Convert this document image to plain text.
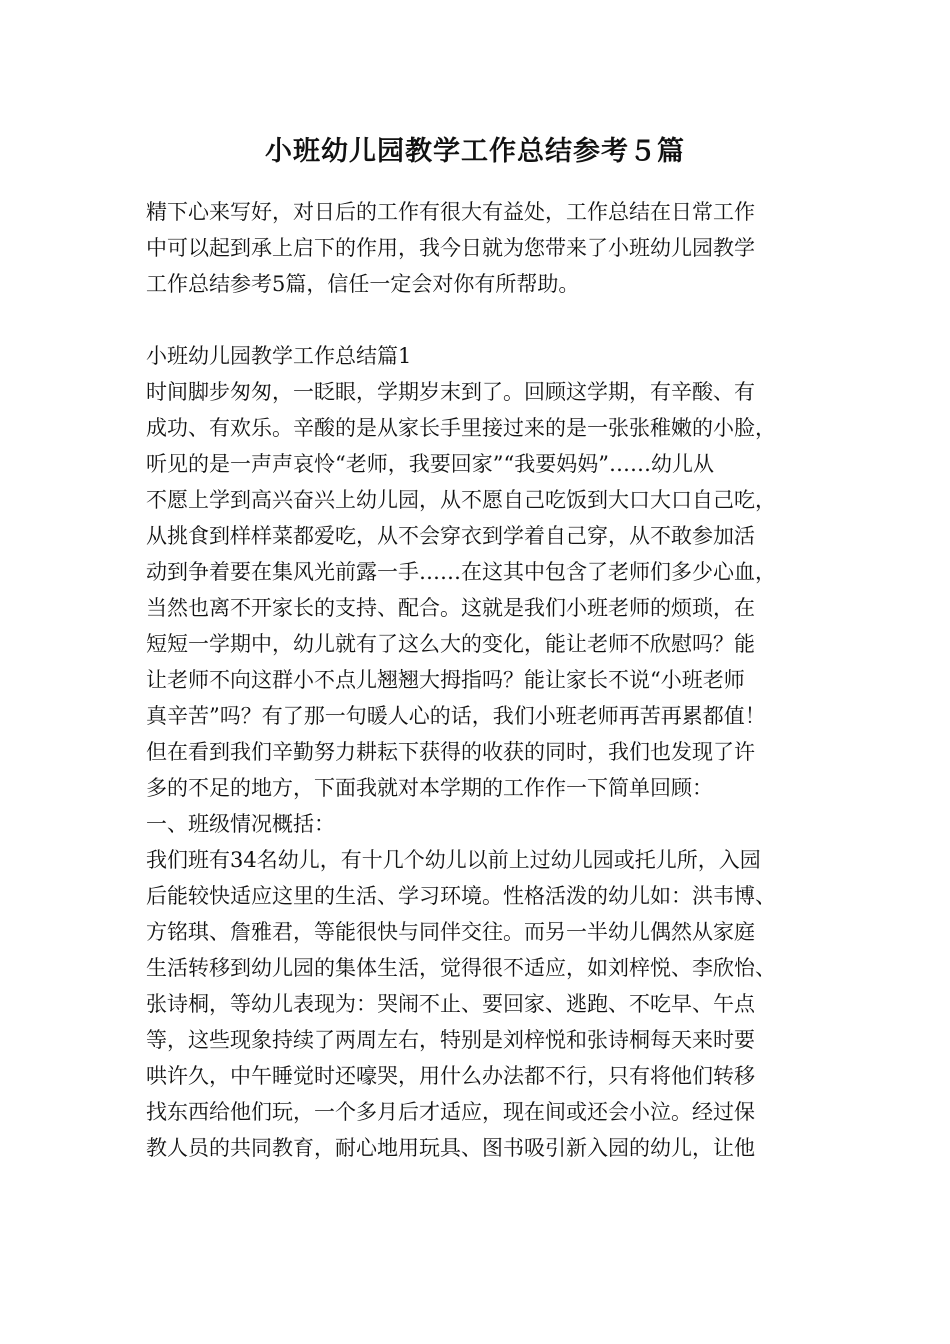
小班幼儿园教学工作总结参考５篇
精下心来写好，对日后的工作有很大有益处，工作总结在日常工作
中可以起到承上启下的作用，我今日就为您带来了小班幼儿园教学
工作总结参考5篇，信任一定会对你有所帮助。
小班幼儿园教学工作总结篇1
时间脚步匆匆，一眨眼，学期岁末到了。回顾这学期，有辛酸、有
成功、有欢乐。辛酸的是从家长手里接过来的是一张张稚嫩的小脸，
听见的是一声声哀怜“老师，我要回家”“我要妈妈”……幼儿从
不愿上学到高兴奋兴上幼儿园，从不愿自己吃饭到大口大口自己吃，
从挑食到样样菜都爱吃，从不会穿衣到学着自己穿，从不敢参加活
动到争着要在集风光前露一手……在这其中包含了老师们多少心血，
当然也离不开家长的支持、配合。这就是我们小班老师的烦琐，在
短短一学期中，幼儿就有了这么大的变化，能让老师不欣慰吗？能
让老师不向这群小不点儿翘翘大拇指吗？能让家长不说“小班老师
真辛苦”吗？有了那一句暖人心的话，我们小班老师再苦再累都值！
但在看到我们辛勤努力耕耘下获得的收获的同时，我们也发现了许
多的不足的地方，下面我就对本学期的工作作一下简单回顾：
一、班级情况概括：
我们班有34名幼儿，有十几个幼儿以前上过幼儿园或托儿所，入园
后能较快适应这里的生活、学习环境。性格活泼的幼儿如：洪韦博、
方铭琪、詹雅君，等能很快与同伴交往。而另一半幼儿偶然从家庭
生活转移到幼儿园的集体生活，觉得很不适应，如刘梓悦、李欣怡、
张诗桐，等幼儿表现为：哭闹不止、要回家、逃跑、不吃早、午点
等，这些现象持续了两周左右，特别是刘梓悦和张诗桐每天来时要
哄许久，中午睡觉时还嚎哭，用什么办法都不行，只有将他们转移
找东西给他们玩，一个多月后才适应，现在间或还会小泣。经过保
教人员的共同教育，耐心地用玩具、图书吸引新入园的幼儿，让他
